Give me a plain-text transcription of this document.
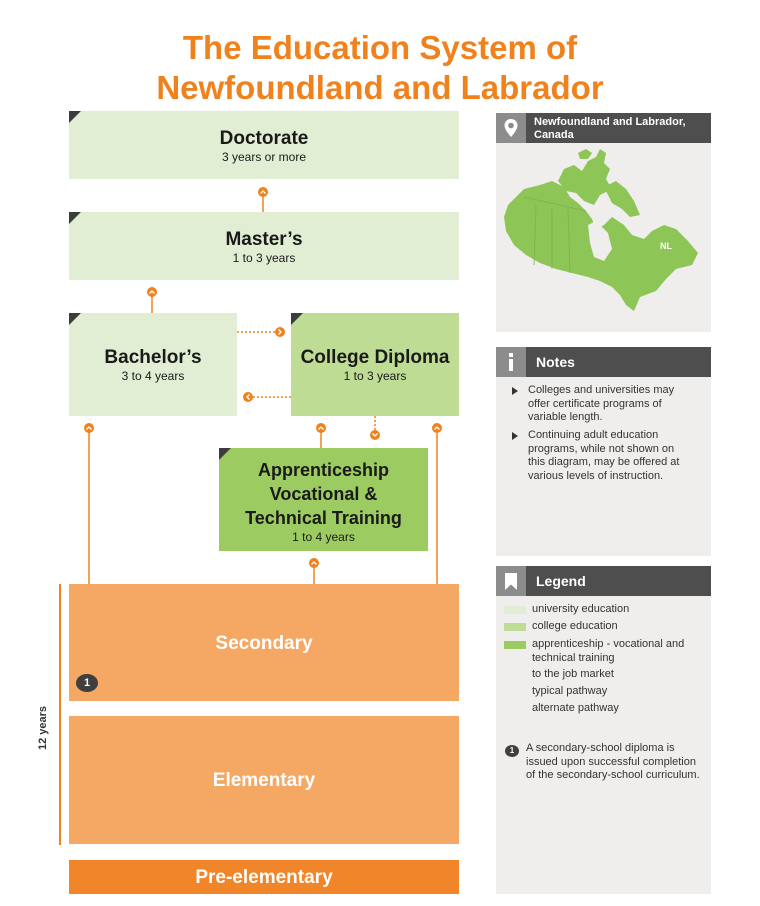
The Education System of
Newfoundland and Labrador
Doctorate
3 years or more
Master’s
1 to 3 years
Bachelor’s
3 to 4 years
College Diploma
1 to 3 years
Apprenticeship
Vocational &
Technical Training
1 to 4 years
Secondary
1
Elementary
Pre-elementary
12 years
Newfoundland and Labrador,
Canada
NL
Notes
Colleges and universities may
offer certificate programs of
variable length.
Continuing adult education
programs, while not shown on
this diagram, may be offered at
various levels of instruction.
Legend
university education
college education
apprenticeship - vocational and
technical training
to the job market
typical pathway
alternate pathway
1	A secondary-school diploma is
issued upon successful completion
of the secondary-school curriculum.
